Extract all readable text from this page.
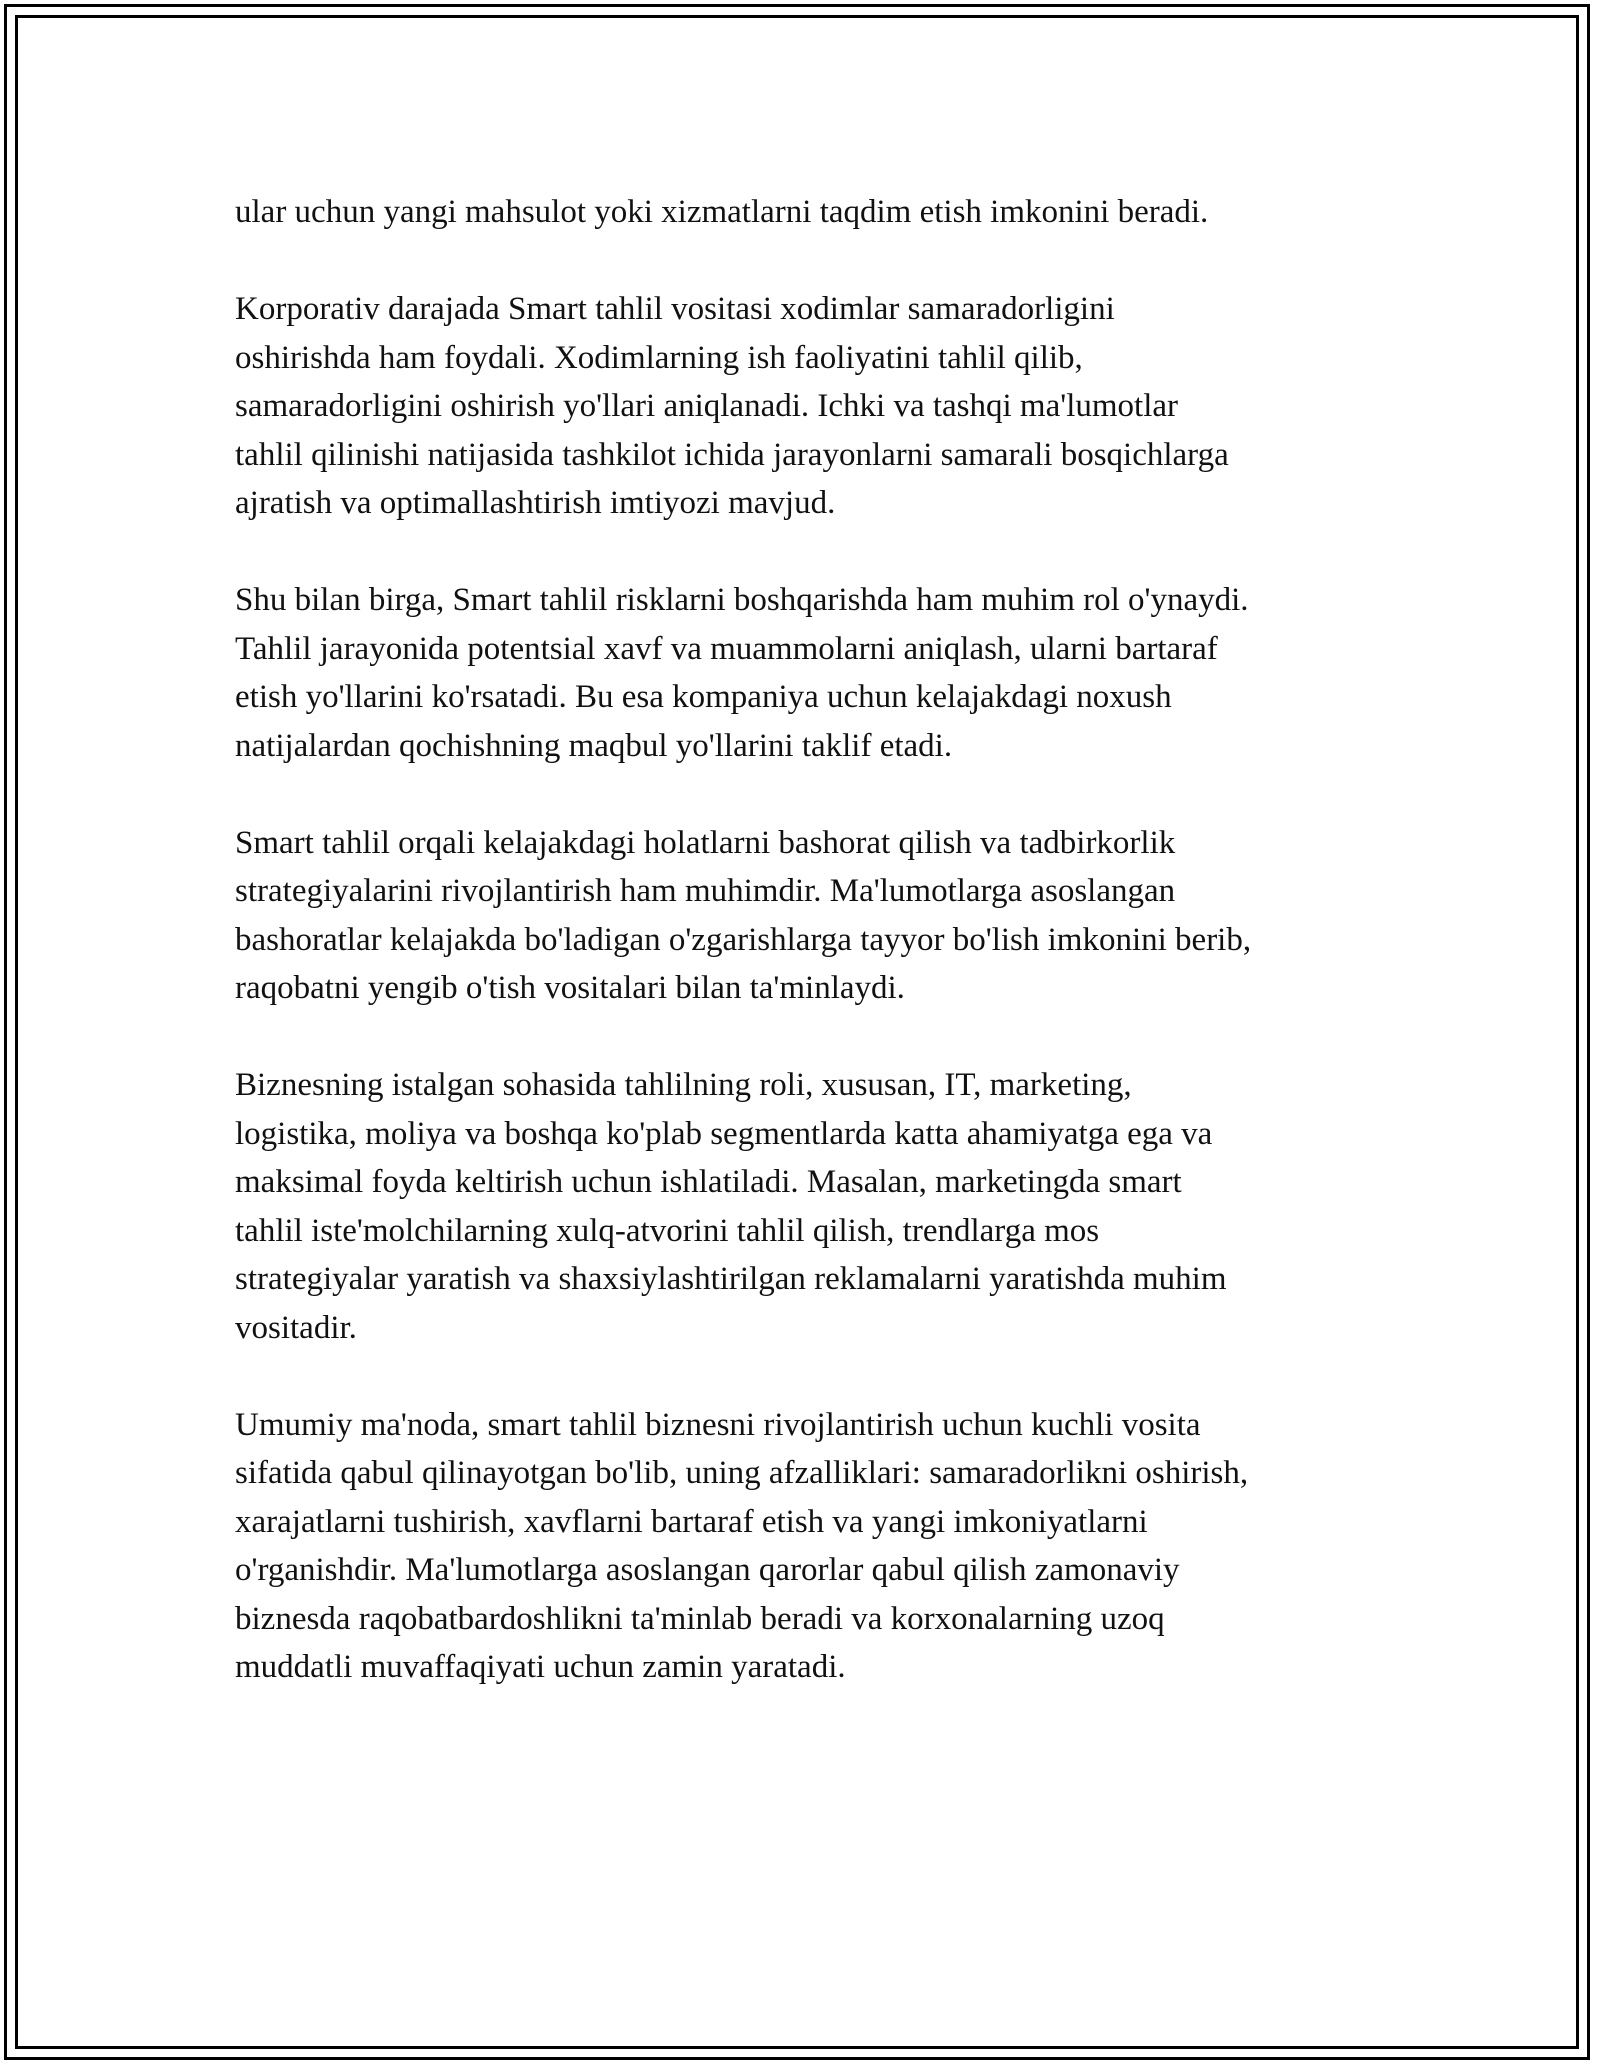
ular uchun yangi mahsulot yoki xizmatlarni taqdim etish imkonini beradi.

Korporativ darajada Smart tahlil vositasi xodimlar samaradorligini
oshirishda ham foydali. Xodimlarning ish faoliyatini tahlil qilib,
samaradorligini oshirish yo'llari aniqlanadi. Ichki va tashqi ma'lumotlar
tahlil qilinishi natijasida tashkilot ichida jarayonlarni samarali bosqichlarga
ajratish va optimallashtirish imtiyozi mavjud.

Shu bilan birga, Smart tahlil risklarni boshqarishda ham muhim rol o'ynaydi.
Tahlil jarayonida potentsial xavf va muammolarni aniqlash, ularni bartaraf
etish yo'llarini ko'rsatadi. Bu esa kompaniya uchun kelajakdagi noxush
natijalardan qochishning maqbul yo'llarini taklif etadi.

Smart tahlil orqali kelajakdagi holatlarni bashorat qilish va tadbirkorlik
strategiyalarini rivojlantirish ham muhimdir. Ma'lumotlarga asoslangan
bashoratlar kelajakda bo'ladigan o'zgarishlarga tayyor bo'lish imkonini berib,
raqobatni yengib o'tish vositalari bilan ta'minlaydi.

Biznesning istalgan sohasida tahlilning roli, xususan, IT, marketing,
logistika, moliya va boshqa ko'plab segmentlarda katta ahamiyatga ega va
maksimal foyda keltirish uchun ishlatiladi. Masalan, marketingda smart
tahlil iste'molchilarning xulq-atvorini tahlil qilish, trendlarga mos
strategiyalar yaratish va shaxsiylashtirilgan reklamalarni yaratishda muhim
vositadir.

Umumiy ma'noda, smart tahlil biznesni rivojlantirish uchun kuchli vosita
sifatida qabul qilinayotgan bo'lib, uning afzalliklari: samaradorlikni oshirish,
xarajatlarni tushirish, xavflarni bartaraf etish va yangi imkoniyatlarni
o'rganishdir. Ma'lumotlarga asoslangan qarorlar qabul qilish zamonaviy
biznesda raqobatbardoshlikni ta'minlab beradi va korxonalarning uzoq
muddatli muvaffaqiyati uchun zamin yaratadi.
